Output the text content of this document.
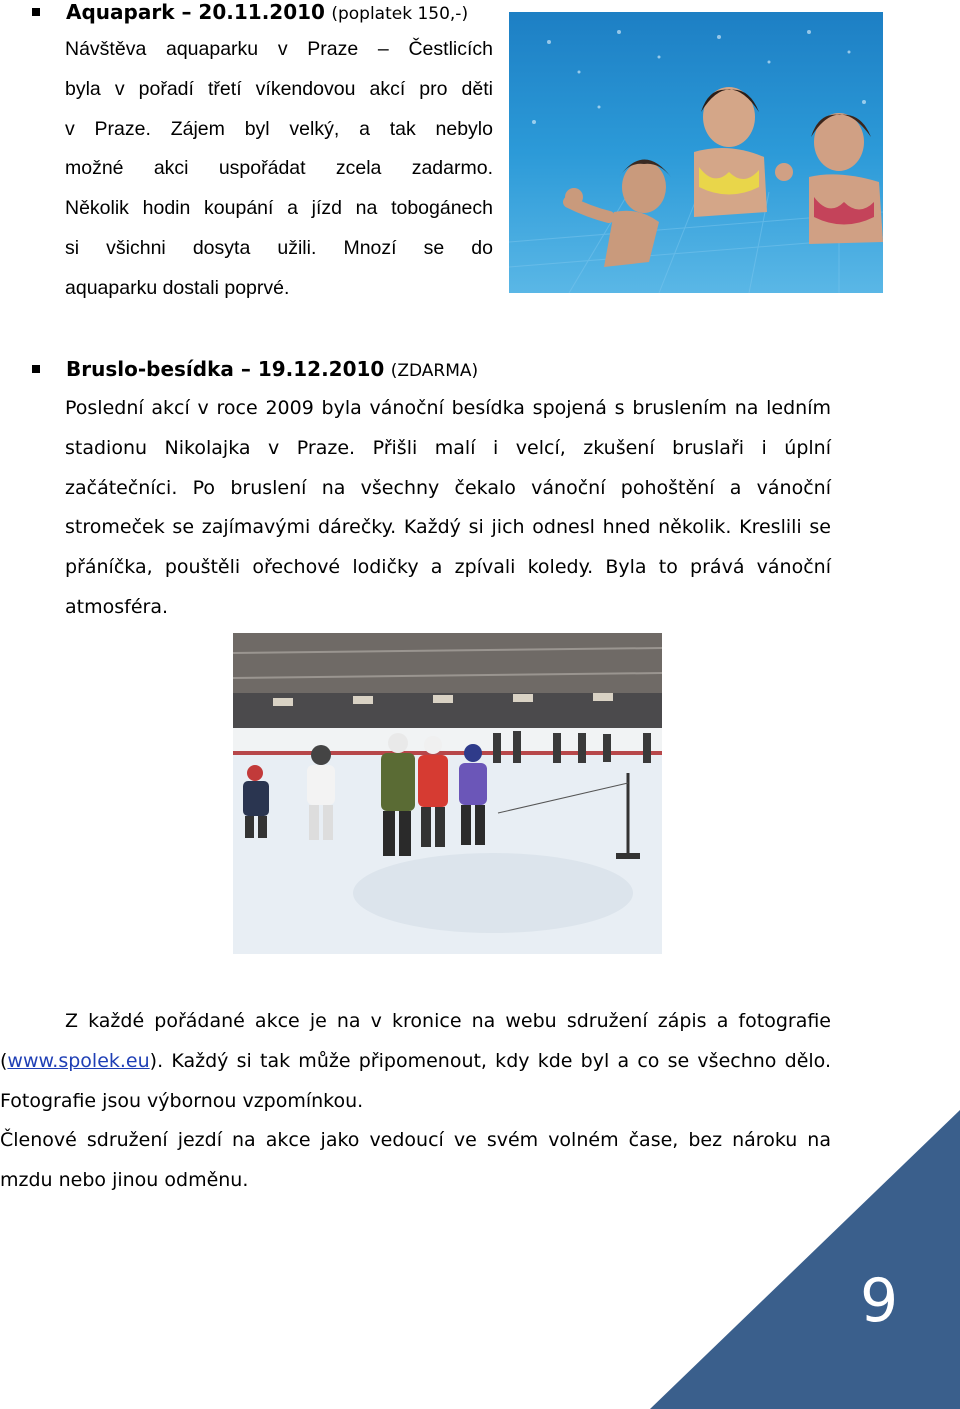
Aquapark – 20.11.2010 (poplatek 150,-)
Návštěva aquaparku v Praze – Čestlicích
byla v pořadí třetí víkendovou akcí pro děti
v Praze. Zájem byl velký, a tak nebylo
možné akci uspořádat zcela zadarmo.
Několik hodin koupání a jízd na tobogánech
si všichni dosyta užili. Mnozí se do
aquaparku dostali poprvé.
Bruslo-besídka – 19.12.2010 (ZDARMA)
Poslední akcí v roce 2009 byla vánoční besídka spojená s bruslením na ledním
stadionu Nikolajka v Praze. Přišli malí i velcí, zkušení bruslaři i úplní
začátečníci. Po bruslení na všechny čekalo vánoční pohoštění a vánoční
stromeček se zajímavými dárečky. Každý si jich odnesl hned několik. Kreslili se
přáníčka, pouštěli ořechové lodičky a zpívali koledy. Byla to prává vánoční
atmosféra.
Z každé pořádané akce je na v kronice na webu sdružení zápis a fotografie
(www.spolek.eu). Každý si tak může připomenout, kdy kde byl a co se všechno dělo.
Fotografie jsou výbornou vzpomínkou.
Členové sdružení jezdí na akce jako vedoucí ve svém volném čase, bez nároku na
mzdu nebo jinou odměnu.
9
